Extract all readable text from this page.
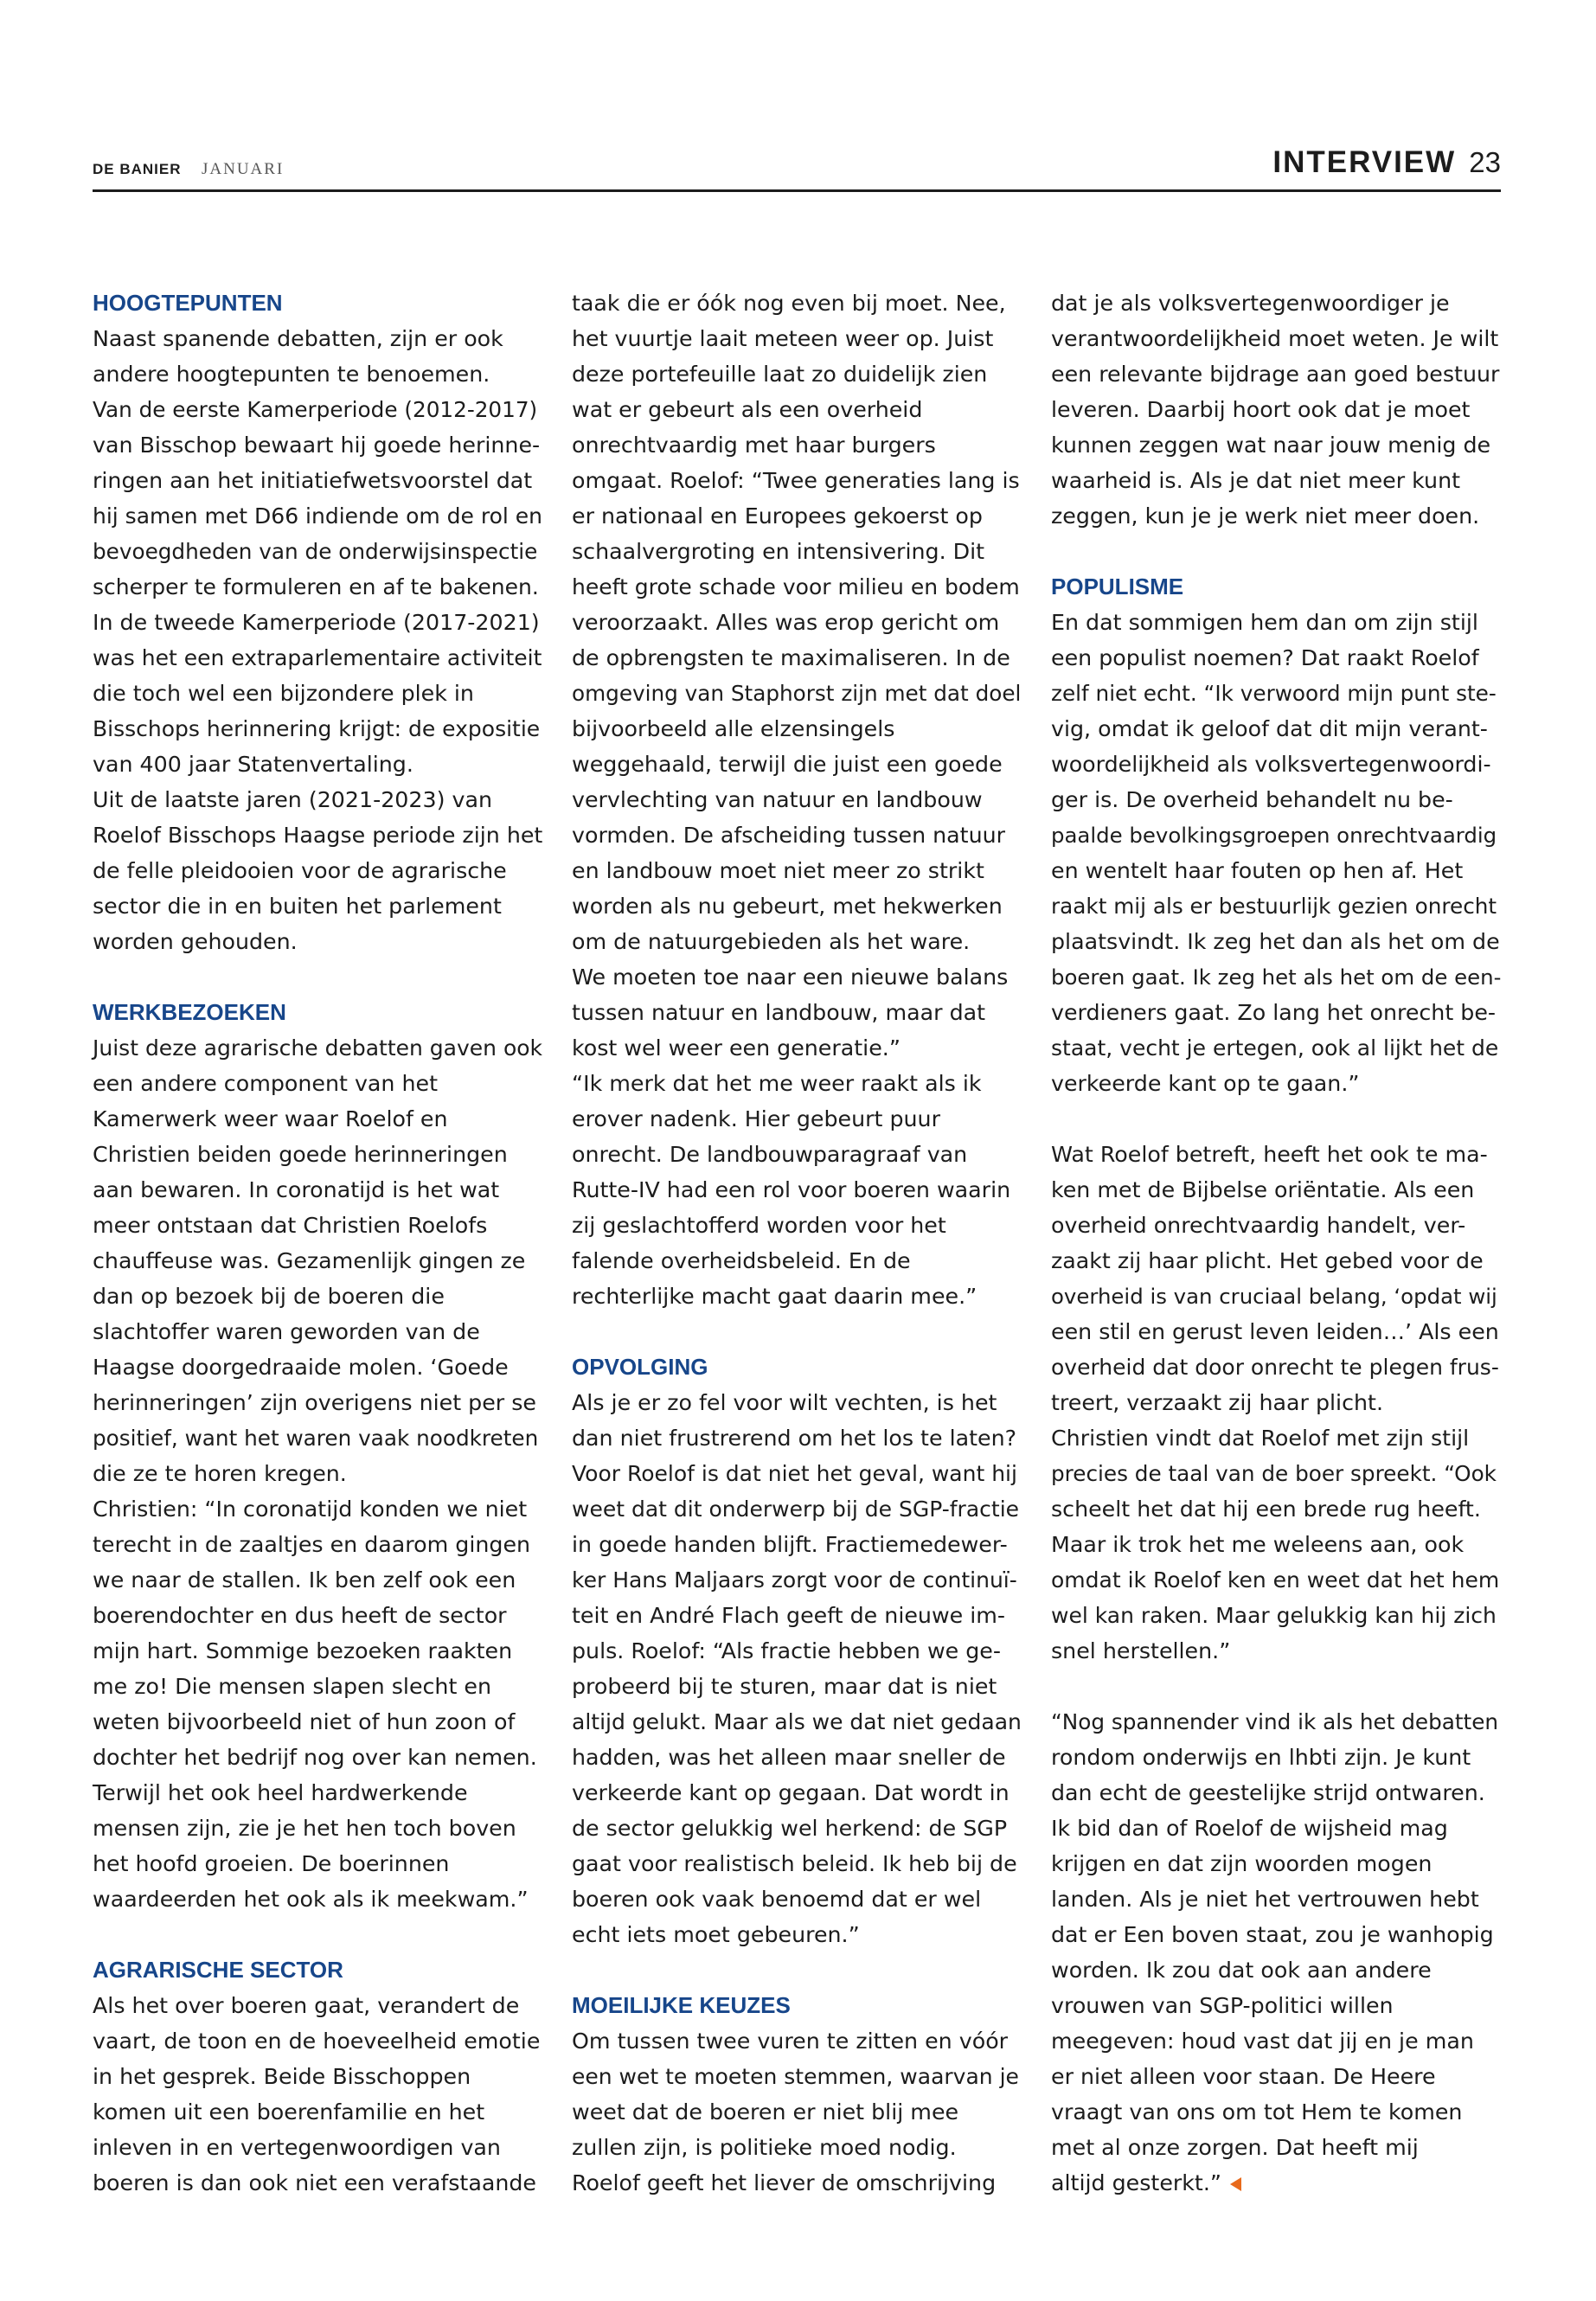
DE BANIER JANUARI	INTERVIEW 23
HOOGTEPUNTEN
Naast spanende debatten, zijn er ook
andere hoogtepunten te benoemen.
Van de eerste Kamerperiode (2012-2017)
van Bisschop bewaart hij goede herinne-
ringen aan het initiatiefwetsvoorstel dat
hij samen met D66 indiende om de rol en
bevoegdheden van de onderwijsinspectie
scherper te formuleren en af te bakenen.
In de tweede Kamerperiode (2017-2021)
was het een extraparlementaire activiteit
die toch wel een bijzondere plek in
Bisschops herinnering krijgt: de expositie
van 400 jaar Statenvertaling.
Uit de laatste jaren (2021-2023) van
Roelof Bisschops Haagse periode zijn het
de felle pleidooien voor de agrarische
sector die in en buiten het parlement
worden gehouden.
WERKBEZOEKEN
Juist deze agrarische debatten gaven ook
een andere component van het
Kamerwerk weer waar Roelof en
Christien beiden goede herinneringen
aan bewaren. In coronatijd is het wat
meer ontstaan dat Christien Roelofs
chauffeuse was. Gezamenlijk gingen ze
dan op bezoek bij de boeren die
slachtoffer waren geworden van de
Haagse doorgedraaide molen. ‘Goede
herinneringen’ zijn overigens niet per se
positief, want het waren vaak noodkreten
die ze te horen kregen.
Christien: “In coronatijd konden we niet
terecht in de zaaltjes en daarom gingen
we naar de stallen. Ik ben zelf ook een
boerendochter en dus heeft de sector
mijn hart. Sommige bezoeken raakten
me zo! Die mensen slapen slecht en
weten bijvoorbeeld niet of hun zoon of
dochter het bedrijf nog over kan nemen.
Terwijl het ook heel hardwerkende
mensen zijn, zie je het hen toch boven
het hoofd groeien. De boerinnen
waardeerden het ook als ik meekwam.”
AGRARISCHE SECTOR
Als het over boeren gaat, verandert de
vaart, de toon en de hoeveelheid emotie
in het gesprek. Beide Bisschoppen
komen uit een boerenfamilie en het
inleven in en vertegenwoordigen van
boeren is dan ook niet een verafstaande
taak die er óók nog even bij moet. Nee,
het vuurtje laait meteen weer op. Juist
deze portefeuille laat zo duidelijk zien
wat er gebeurt als een overheid
onrechtvaardig met haar burgers
omgaat. Roelof: “Twee generaties lang is
er nationaal en Europees gekoerst op
schaalvergroting en intensivering. Dit
heeft grote schade voor milieu en bodem
veroorzaakt. Alles was erop gericht om
de opbrengsten te maximaliseren. In de
omgeving van Staphorst zijn met dat doel
bijvoorbeeld alle elzensingels
weggehaald, terwijl die juist een goede
vervlechting van natuur en landbouw
vormden. De afscheiding tussen natuur
en landbouw moet niet meer zo strikt
worden als nu gebeurt, met hekwerken
om de natuurgebieden als het ware.
We moeten toe naar een nieuwe balans
tussen natuur en landbouw, maar dat
kost wel weer een generatie.”
“Ik merk dat het me weer raakt als ik
erover nadenk. Hier gebeurt puur
onrecht. De landbouwparagraaf van
Rutte-IV had een rol voor boeren waarin
zij geslachtofferd worden voor het
falende overheidsbeleid. En de
rechterlijke macht gaat daarin mee.”
OPVOLGING
Als je er zo fel voor wilt vechten, is het
dan niet frustrerend om het los te laten?
Voor Roelof is dat niet het geval, want hij
weet dat dit onderwerp bij de SGP-fractie
in goede handen blijft. Fractiemedewer-
ker Hans Maljaars zorgt voor de continuï-
teit en André Flach geeft de nieuwe im-
puls. Roelof: “Als fractie hebben we ge-
probeerd bij te sturen, maar dat is niet
altijd gelukt. Maar als we dat niet gedaan
hadden, was het alleen maar sneller de
verkeerde kant op gegaan. Dat wordt in
de sector gelukkig wel herkend: de SGP
gaat voor realistisch beleid. Ik heb bij de
boeren ook vaak benoemd dat er wel
echt iets moet gebeuren.”
MOEILIJKE KEUZES
Om tussen twee vuren te zitten en vóór
een wet te moeten stemmen, waarvan je
weet dat de boeren er niet blij mee
zullen zijn, is politieke moed nodig.
Roelof geeft het liever de omschrijving
dat je als volksvertegenwoordiger je
verantwoordelijkheid moet weten. Je wilt
een relevante bijdrage aan goed bestuur
leveren. Daarbij hoort ook dat je moet
kunnen zeggen wat naar jouw menig de
waarheid is. Als je dat niet meer kunt
zeggen, kun je je werk niet meer doen.
POPULISME
En dat sommigen hem dan om zijn stijl
een populist noemen? Dat raakt Roelof
zelf niet echt. “Ik verwoord mijn punt ste-
vig, omdat ik geloof dat dit mijn verant-
woordelijkheid als volksvertegenwoordi-
ger is. De overheid behandelt nu be-
paalde bevolkingsgroepen onrechtvaardig
en wentelt haar fouten op hen af. Het
raakt mij als er bestuurlijk gezien onrecht
plaatsvindt. Ik zeg het dan als het om de
boeren gaat. Ik zeg het als het om de een-
verdieners gaat. Zo lang het onrecht be-
staat, vecht je ertegen, ook al lijkt het de
verkeerde kant op te gaan.”
Wat Roelof betreft, heeft het ook te ma-
ken met de Bijbelse oriëntatie. Als een
overheid onrechtvaardig handelt, ver-
zaakt zij haar plicht. Het gebed voor de
overheid is van cruciaal belang, ‘opdat wij
een stil en gerust leven leiden…’ Als een
overheid dat door onrecht te plegen frus-
treert, verzaakt zij haar plicht.
Christien vindt dat Roelof met zijn stijl
precies de taal van de boer spreekt. “Ook
scheelt het dat hij een brede rug heeft.
Maar ik trok het me weleens aan, ook
omdat ik Roelof ken en weet dat het hem
wel kan raken. Maar gelukkig kan hij zich
snel herstellen.”
“Nog spannender vind ik als het debatten
rondom onderwijs en lhbti zijn. Je kunt
dan echt de geestelijke strijd ontwaren.
Ik bid dan of Roelof de wijsheid mag
krijgen en dat zijn woorden mogen
landen. Als je niet het vertrouwen hebt
dat er Een boven staat, zou je wanhopig
worden. Ik zou dat ook aan andere
vrouwen van SGP-politici willen
meegeven: houd vast dat jij en je man
er niet alleen voor staan. De Heere
vraagt van ons om tot Hem te komen
met al onze zorgen. Dat heeft mij
altijd gesterkt.”
